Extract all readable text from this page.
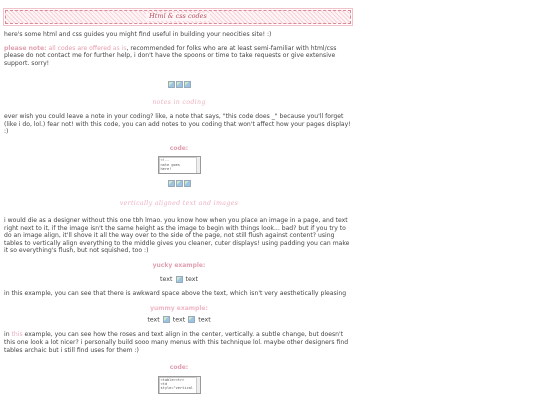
Html & css codes

here's some html and css guides you might find useful in building your neocities site! :)

please note: all codes are offered as is, recommended for folks who are at least semi-familiar with html/css please do not contact me for further help, i don't have the spoons or time to take requests or give extensive support. sorry!

notes in coding

ever wish you could leave a note in your coding? like, a note that says, "this code does _" because you'll forget (like i do, lol.) fear not! with this code, you can add notes to you coding that won't affect how your pages display! :)

code:
<!--
note goes
here!
vertically aligned text and images

i would die as a designer without this one tbh lmao. you know how when you place an image in a page, and text right next to it, if the image isn't the same height as the image to begin with things look... bad? but if you try to do an image align, it'll shove it all the way over to the side of the page, not still flush against content? using tables to vertically align everything to the middle gives you cleaner, cuter displays! using padding you can make it so everything's flush, but not squished, too :)

yucky example:
text text

in this example, you can see that there is awkward space above the text, which isn't very aesthetically pleasing

yummy example:
text text text

in this example, you can see how the roses and text align in the center, vertically. a subtle change, but doesn't this one look a lot nicer? i personally build sooo many menus with this technique lol. maybe other designers find tables archaic but i still find uses for them :)

code:
<table><tr>
<td
style="vertical
